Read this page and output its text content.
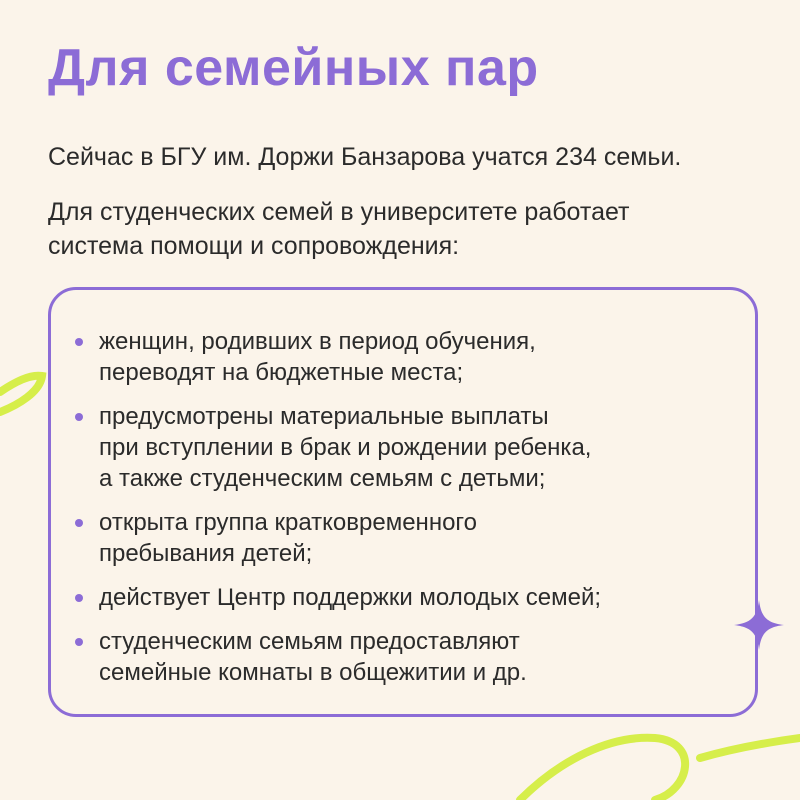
Для семейных пар
Сейчас в БГУ им. Доржи Банзарова учатся 234 семьи.
Для студенческих семей в университете работает
система помощи и сопровождения:
женщин, родивших в период обучения,
переводят на бюджетные места;
предусмотрены материальные выплаты
при вступлении в брак и рождении ребенка,
а также студенческим семьям с детьми;
открыта группа кратковременного
пребывания детей;
действует Центр поддержки молодых семей;
студенческим семьям предоставляют
семейные комнаты в общежитии и др.
